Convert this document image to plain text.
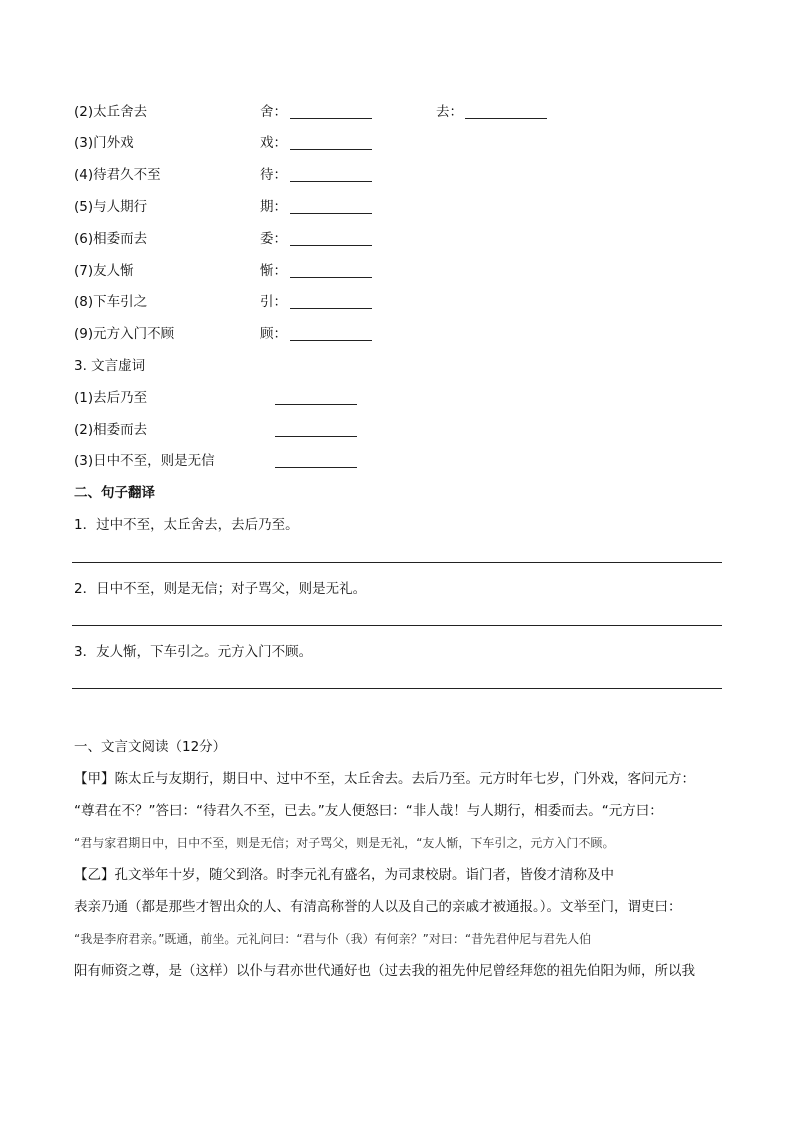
(2)太丘舍去	舍：	去：
(3)门外戏	戏：
(4)待君久不至	待：
(5)与人期行	期：
(6)相委而去	委：
(7)友人惭	惭：
(8)下车引之	引：
(9)元方入门不顾	顾：
3. 文言虚词
(1)去后乃至
(2)相委而去
(3)日中不至，则是无信
二、句子翻译
1．过中不至，太丘舍去，去后乃至。
2．日中不至，则是无信；对子骂父，则是无礼。
3．友人惭，下车引之。元方入门不顾。
一、文言文阅读（12分）
【甲】陈太丘与友期行，期日中、过中不至，太丘舍去。去后乃至。元方时年七岁，门外戏，客问元方：
“尊君在不？”答曰：“待君久不至，已去。”友人便怒曰：“非人哉！与人期行，相委而去。“元方曰：
“君与家君期日中，日中不至，则是无信；对子骂父，则是无礼，“友人惭，下车引之，元方入门不顾。
【乙】孔文举年十岁，随父到洛。时李元礼有盛名，为司隶校尉。诣门者，皆俊才清称及中
表亲乃通（都是那些才智出众的人、有清高称誉的人以及自己的亲戚才被通报。）。文举至门，谓吏曰：
“我是李府君亲。”既通，前坐。元礼问曰：“君与仆（我）有何亲？”对曰：“昔先君仲尼与君先人伯
阳有师资之尊，是（这样）以仆与君亦世代通好也（过去我的祖先仲尼曾经拜您的祖先伯阳为师，所以我
